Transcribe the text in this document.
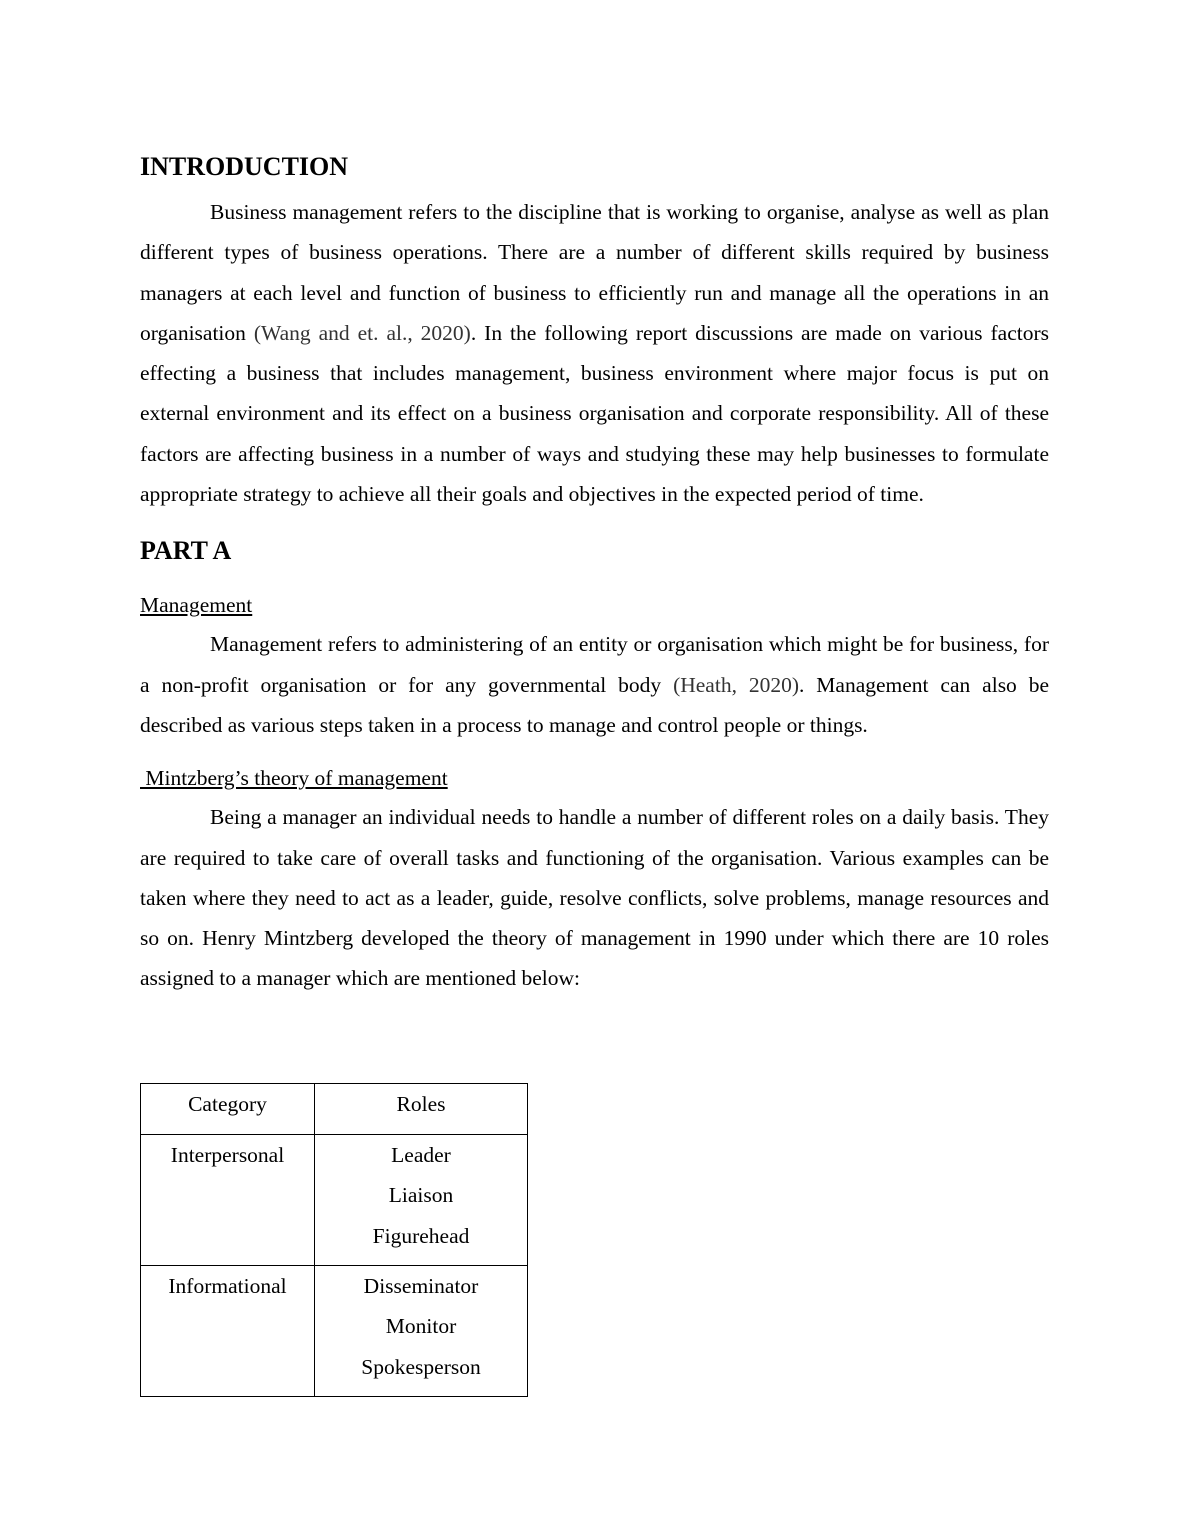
INTRODUCTION

Business management refers to the discipline that is working to organise, analyse as well as plan different types of business operations. There are a number of different skills required by business managers at each level and function of business to efficiently run and manage all the operations in an organisation (Wang and et. al., 2020). In the following report discussions are made on various factors effecting a business that includes management, business environment where major focus is put on external environment and its effect on a business organisation and corporate responsibility. All of these factors are affecting business in a number of ways and studying these may help businesses to formulate appropriate strategy to achieve all their goals and objectives in the expected period of time.

PART A

Management

Management refers to administering of an entity or organisation which might be for business, for a non-profit organisation or for any governmental body (Heath, 2020). Management can also be described as various steps taken in a process to manage and control people or things.

Mintzberg’s theory of management

Being a manager an individual needs to handle a number of different roles on a daily basis. They are required to take care of overall tasks and functioning of the organisation. Various examples can be taken where they need to act as a leader, guide, resolve conflicts, solve problems, manage resources and so on. Henry Mintzberg developed the theory of management in 1990 under which there are 10 roles assigned to a manager which are mentioned below:

Category	Roles

Interpersonal	Leader
Liaison
Figurehead

Informational	Disseminator
Monitor
Spokesperson
